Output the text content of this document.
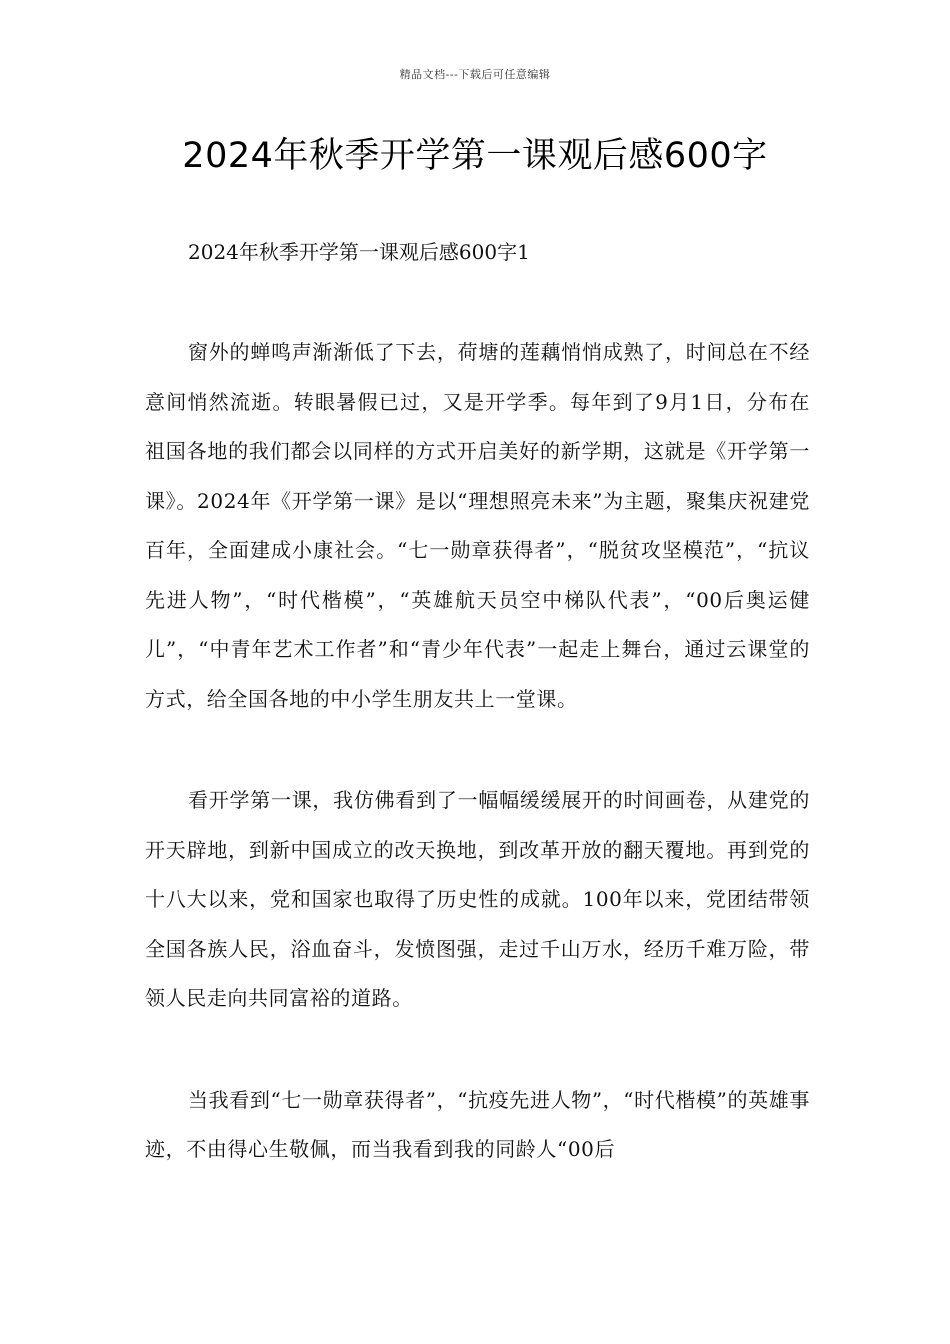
精品文档---下载后可任意编辑
2024年秋季开学第一课观后感600字

2024年秋季开学第一课观后感600字1

窗外的蝉鸣声渐渐低了下去，荷塘的莲藕悄悄成熟了，时间总在不经意间悄然流逝。转眼暑假已过，又是开学季。每年到了9月1日，分布在祖国各地的我们都会以同样的方式开启美好的新学期，这就是《开学第一课》。2024年《开学第一课》是以“理想照亮未来”为主题，聚集庆祝建党百年，全面建成小康社会。“七一勋章获得者”，“脱贫攻坚模范”，“抗议先进人物”，“时代楷模”，“英雄航天员空中梯队代表”，“00后奥运健儿”，“中青年艺术工作者”和“青少年代表”一起走上舞台，通过云课堂的方式，给全国各地的中小学生朋友共上一堂课。

看开学第一课，我仿佛看到了一幅幅缓缓展开的时间画卷，从建党的开天辟地，到新中国成立的改天换地，到改革开放的翻天覆地。再到党的十八大以来，党和国家也取得了历史性的成就。100年以来，党团结带领全国各族人民，浴血奋斗，发愤图强，走过千山万水，经历千难万险，带领人民走向共同富裕的道路。

当我看到“七一勋章获得者”，“抗疫先进人物”，“时代楷模”的英雄事迹，不由得心生敬佩，而当我看到我的同龄人“00后
